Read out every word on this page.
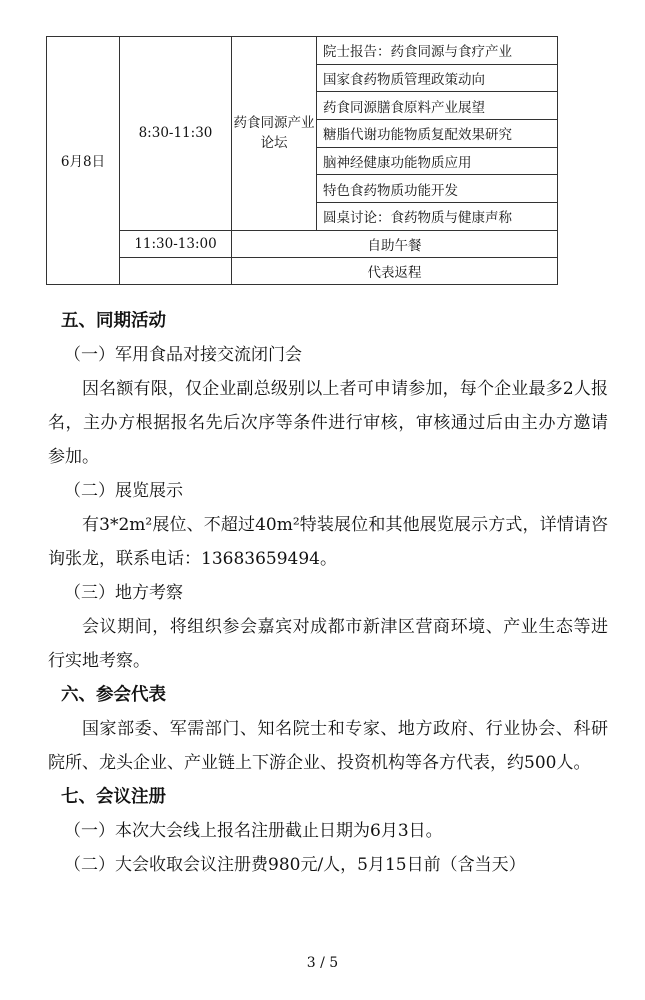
6月8日	8:30-11:30	药食同源产业论坛	院士报告：药食同源与食疗产业
			国家食药物质管理政策动向
			药食同源膳食原料产业展望
			糖脂代谢功能物质复配效果研究
			脑神经健康功能物质应用
			特色食药物质功能开发
			圆桌讨论：食药物质与健康声称
	11:30-13:00	自助午餐	
		代表返程	
五、同期活动
（一）军用食品对接交流闭门会
因名额有限，仅企业副总级别以上者可申请参加，每个企业最多2人报名，主办方根据报名先后次序等条件进行审核，审核通过后由主办方邀请参加。
（二）展览展示
有3*2m²展位、不超过40m²特装展位和其他展览展示方式，详情请咨询张龙，联系电话：13683659494。
（三）地方考察
会议期间，将组织参会嘉宾对成都市新津区营商环境、产业生态等进行实地考察。
六、参会代表
国家部委、军需部门、知名院士和专家、地方政府、行业协会、科研院所、龙头企业、产业链上下游企业、投资机构等各方代表，约500人。
七、会议注册
（一）本次大会线上报名注册截止日期为6月3日。
（二）大会收取会议注册费980元/人，5月15日前（含当天）
3 / 5
